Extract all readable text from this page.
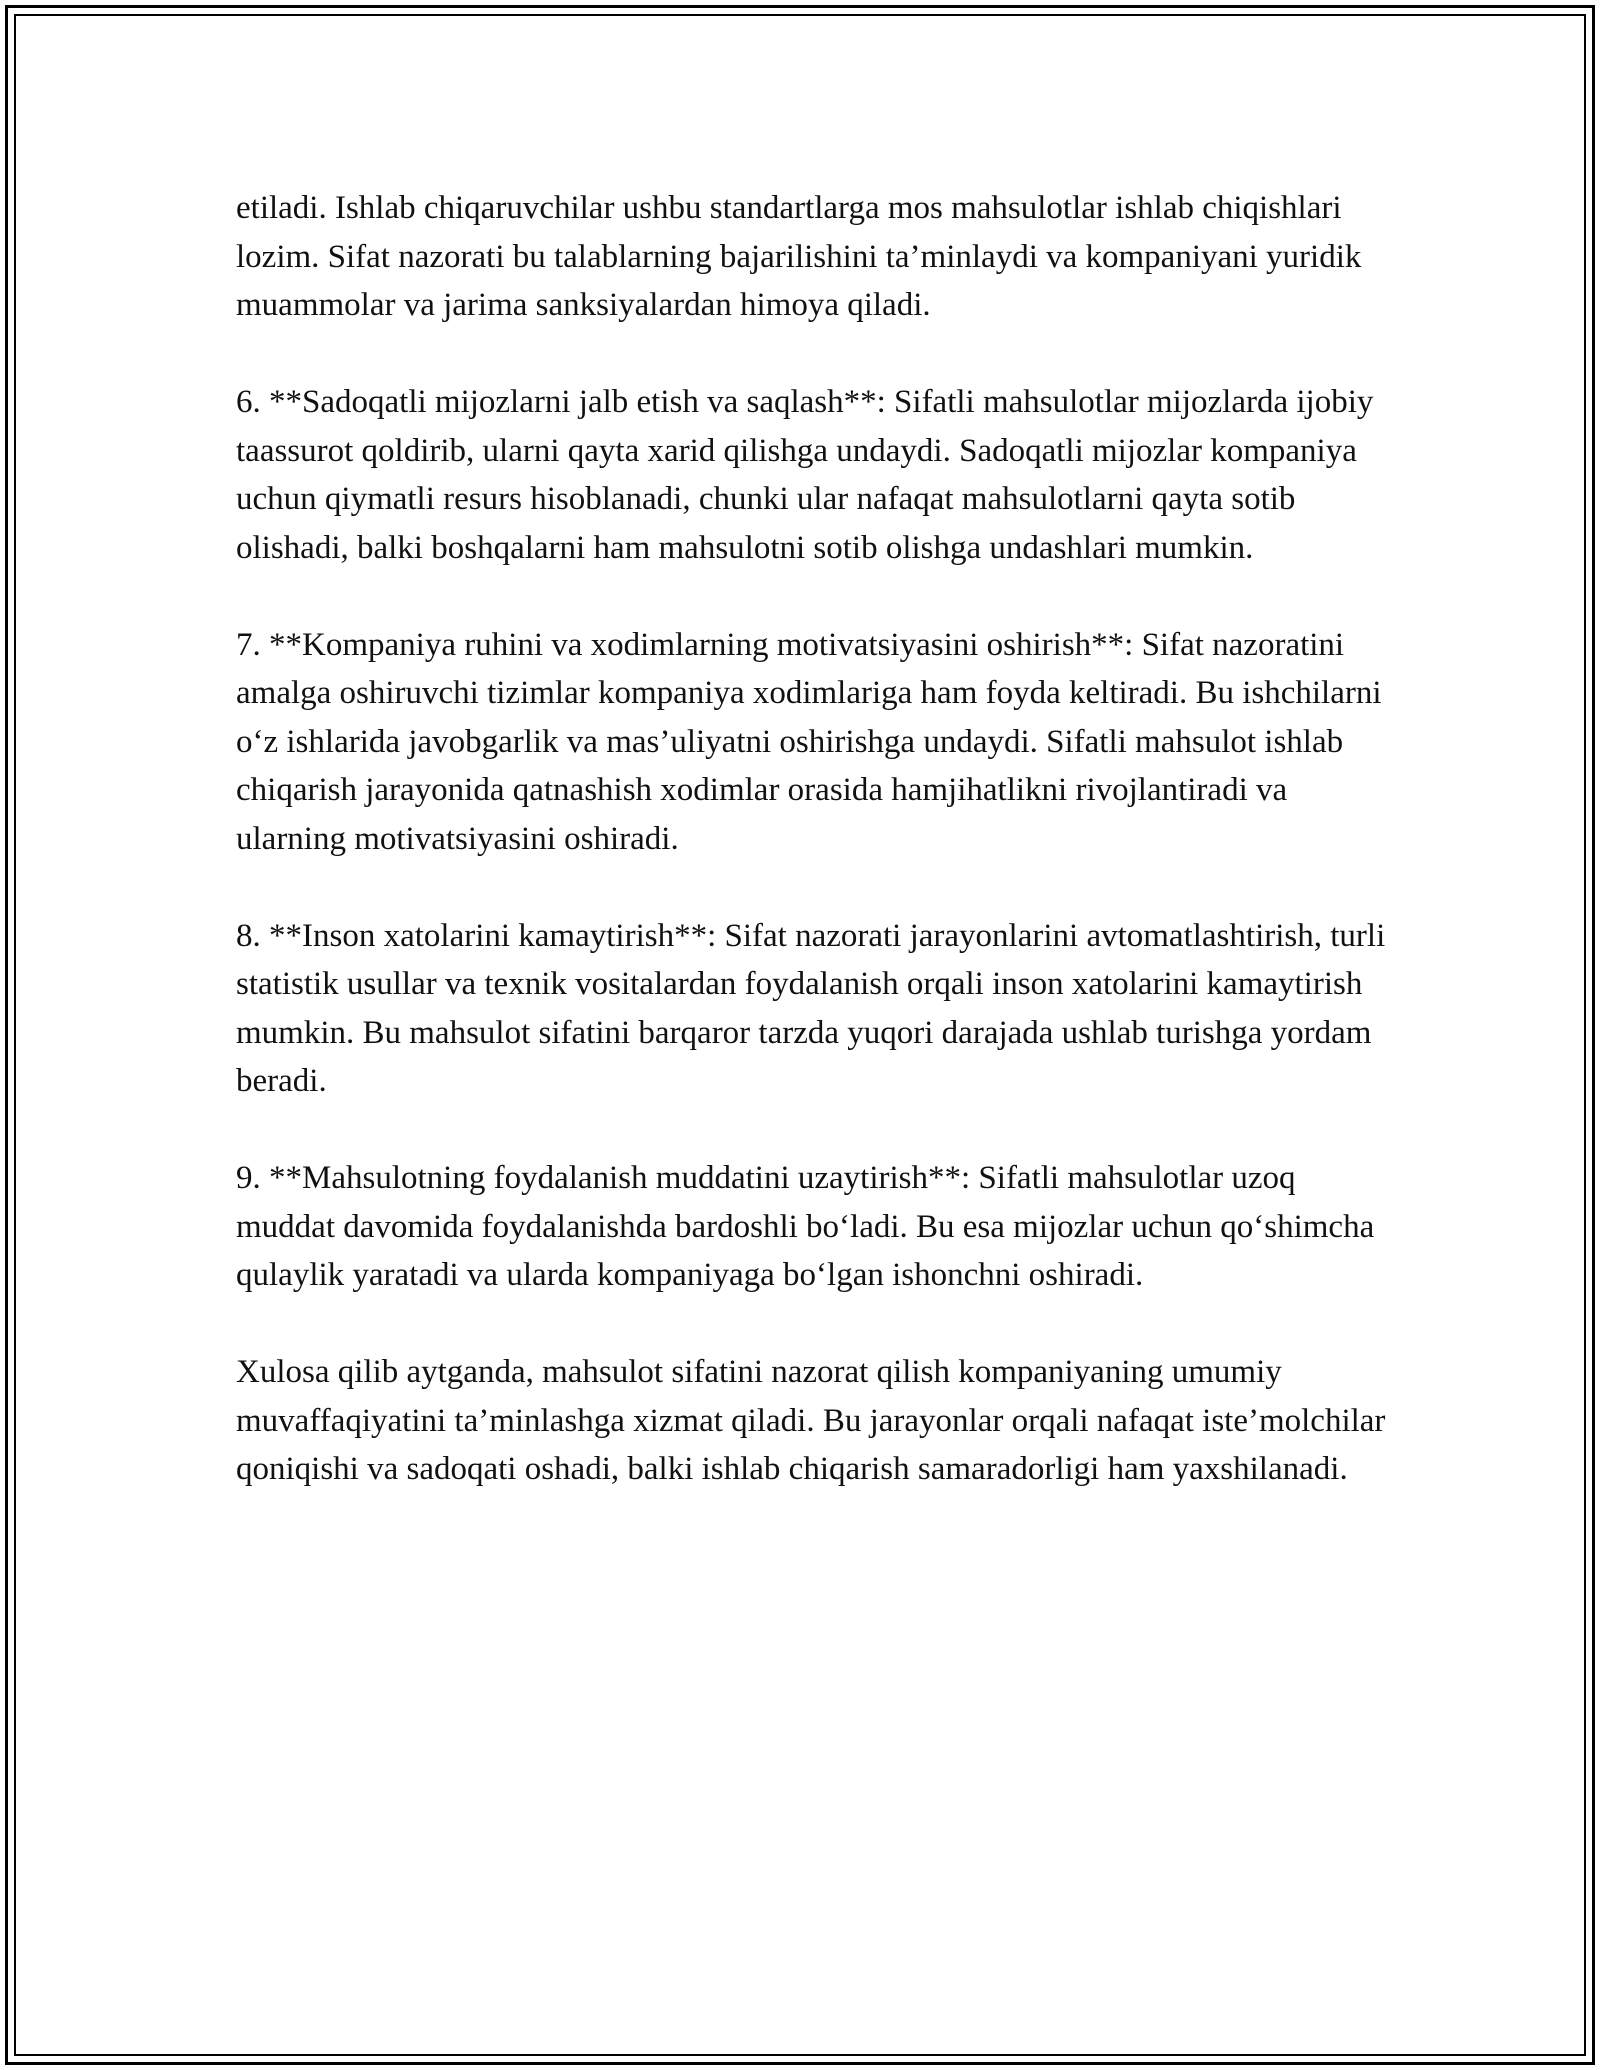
etiladi. Ishlab chiqaruvchilar ushbu standartlarga mos mahsulotlar ishlab chiqishlari lozim. Sifat nazorati bu talablarning bajarilishini ta’minlaydi va kompaniyani yuridik muammolar va jarima sanksiyalardan himoya qiladi.

6. **Sadoqatli mijozlarni jalb etish va saqlash**: Sifatli mahsulotlar mijozlarda ijobiy taassurot qoldirib, ularni qayta xarid qilishga undaydi. Sadoqatli mijozlar kompaniya uchun qiymatli resurs hisoblanadi, chunki ular nafaqat mahsulotlarni qayta sotib olishadi, balki boshqalarni ham mahsulotni sotib olishga undashlari mumkin.

7. **Kompaniya ruhini va xodimlarning motivatsiyasini oshirish**: Sifat nazoratini amalga oshiruvchi tizimlar kompaniya xodimlariga ham foyda keltiradi. Bu ishchilarni o‘z ishlarida javobgarlik va mas’uliyatni oshirishga undaydi. Sifatli mahsulot ishlab chiqarish jarayonida qatnashish xodimlar orasida hamjihatlikni rivojlantiradi va ularning motivatsiyasini oshiradi.

8. **Inson xatolarini kamaytirish**: Sifat nazorati jarayonlarini avtomatlashtirish, turli statistik usullar va texnik vositalardan foydalanish orqali inson xatolarini kamaytirish mumkin. Bu mahsulot sifatini barqaror tarzda yuqori darajada ushlab turishga yordam beradi.

9. **Mahsulotning foydalanish muddatini uzaytirish**: Sifatli mahsulotlar uzoq muddat davomida foydalanishda bardoshli bo‘ladi. Bu esa mijozlar uchun qo‘shimcha qulaylik yaratadi va ularda kompaniyaga bo‘lgan ishonchni oshiradi.

Xulosa qilib aytganda, mahsulot sifatini nazorat qilish kompaniyaning umumiy muvaffaqiyatini ta’minlashga xizmat qiladi. Bu jarayonlar orqali nafaqat iste’molchilar qoniqishi va sadoqati oshadi, balki ishlab chiqarish samaradorligi ham yaxshilanadi.
